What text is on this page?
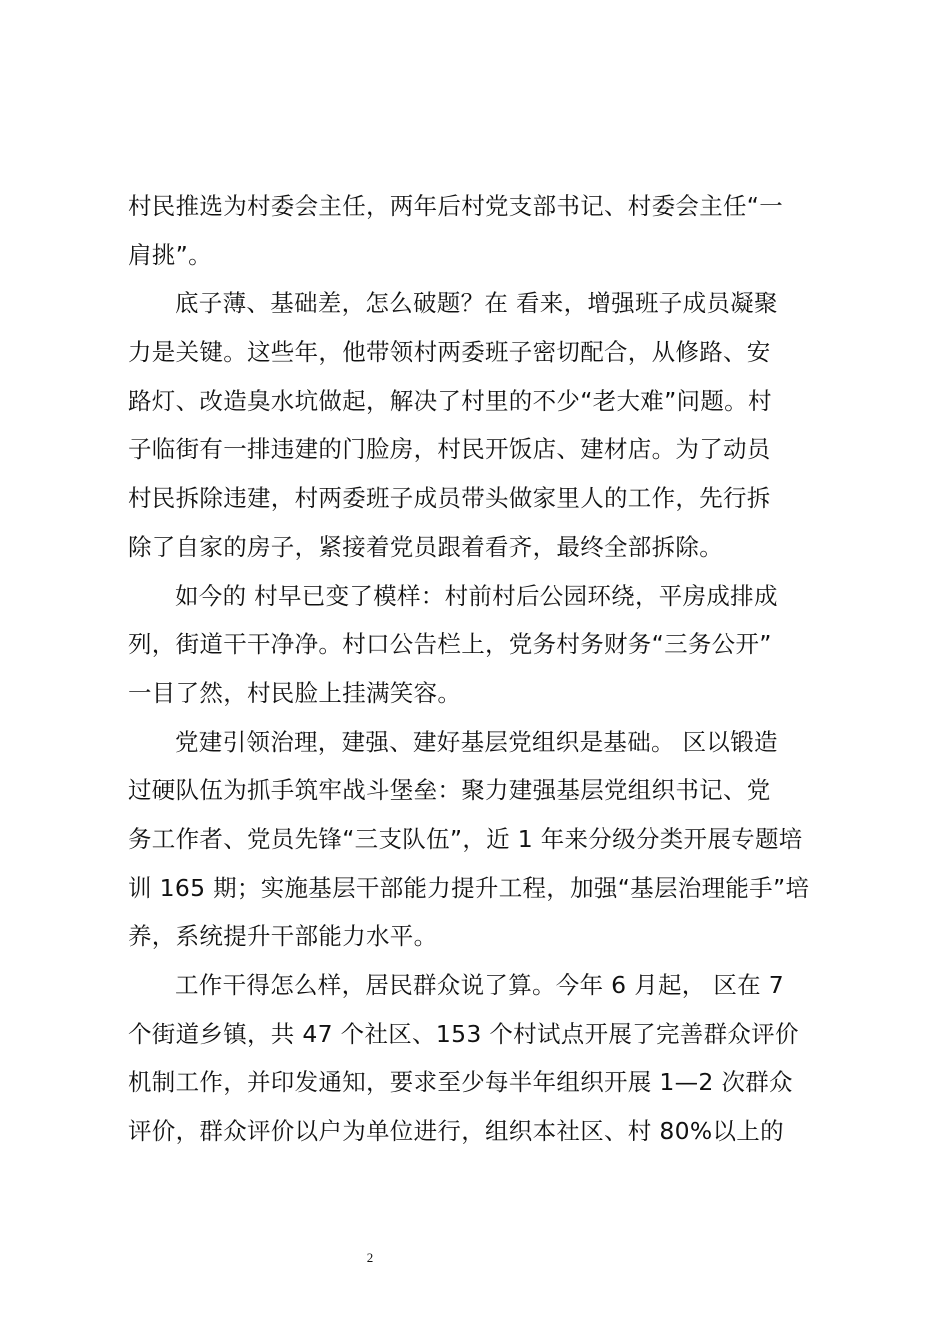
村民推选为村委会主任，两年后村党支部书记、村委会主任“一
肩挑”。
底子薄、基础差，怎么破题？在 看来，增强班子成员凝聚
力是关键。这些年，他带领村两委班子密切配合，从修路、安
路灯、改造臭水坑做起，解决了村里的不少“老大难”问题。村
子临街有一排违建的门脸房，村民开饭店、建材店。为了动员
村民拆除违建，村两委班子成员带头做家里人的工作，先行拆
除了自家的房子，紧接着党员跟着看齐，最终全部拆除。
如今的 村早已变了模样：村前村后公园环绕，平房成排成
列，街道干干净净。村口公告栏上，党务村务财务“三务公开”
一目了然，村民脸上挂满笑容。
党建引领治理，建强、建好基层党组织是基础。 区以锻造
过硬队伍为抓手筑牢战斗堡垒：聚力建强基层党组织书记、党
务工作者、党员先锋“三支队伍”，近 1 年来分级分类开展专题培
训 165 期；实施基层干部能力提升工程，加强“基层治理能手”培
养，系统提升干部能力水平。
工作干得怎么样，居民群众说了算。今年 6 月起， 区在 7
个街道乡镇，共 47 个社区、153 个村试点开展了完善群众评价
机制工作，并印发通知，要求至少每半年组织开展 1—2 次群众
评价，群众评价以户为单位进行，组织本社区、村 80%以上的
2
